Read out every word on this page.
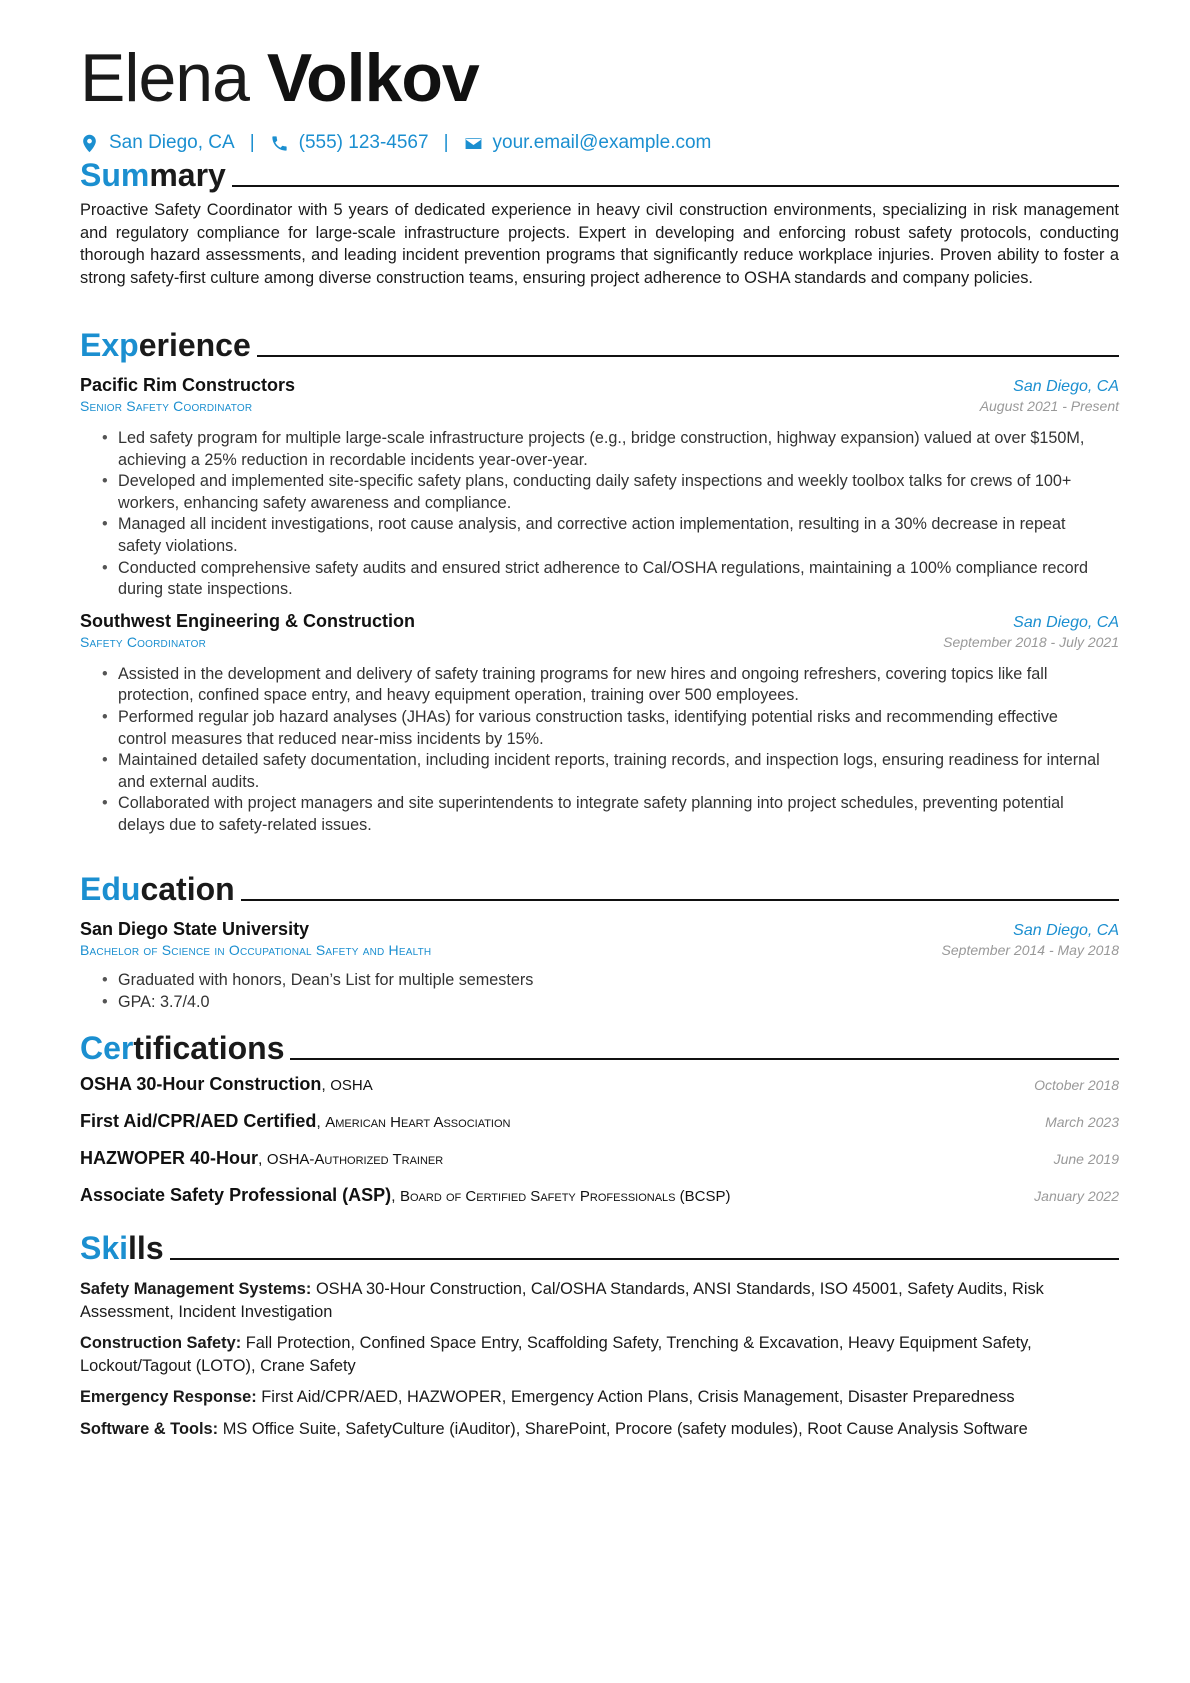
Elena Volkov
San Diego, CA | (555) 123-4567 | your.email@example.com
Summary

Proactive Safety Coordinator with 5 years of dedicated experience in heavy civil construction environments, specializing in risk management and regulatory compliance for large-scale infrastructure projects. Expert in developing and enforcing robust safety protocols, conducting thorough hazard assessments, and leading incident prevention programs that significantly reduce workplace injuries. Proven ability to foster a strong safety-first culture among diverse construction teams, ensuring project adherence to OSHA standards and company policies.

Experience
Pacific Rim Constructors	San Diego, CA
Senior Safety Coordinator	August 2021 - Present
• Led safety program for multiple large-scale infrastructure projects (e.g., bridge construction, highway expansion) valued at over $150M, achieving a 25% reduction in recordable incidents year-over-year.
• Developed and implemented site-specific safety plans, conducting daily safety inspections and weekly toolbox talks for crews of 100+ workers, enhancing safety awareness and compliance.
• Managed all incident investigations, root cause analysis, and corrective action implementation, resulting in a 30% decrease in repeat safety violations.
• Conducted comprehensive safety audits and ensured strict adherence to Cal/OSHA regulations, maintaining a 100% compliance record during state inspections.
Southwest Engineering & Construction	San Diego, CA
Safety Coordinator	September 2018 - July 2021
• Assisted in the development and delivery of safety training programs for new hires and ongoing refreshers, covering topics like fall protection, confined space entry, and heavy equipment operation, training over 500 employees.
• Performed regular job hazard analyses (JHAs) for various construction tasks, identifying potential risks and recommending effective control measures that reduced near-miss incidents by 15%.
• Maintained detailed safety documentation, including incident reports, training records, and inspection logs, ensuring readiness for internal and external audits.
• Collaborated with project managers and site superintendents to integrate safety planning into project schedules, preventing potential delays due to safety-related issues.
Education
San Diego State University	San Diego, CA
Bachelor of Science in Occupational Safety and Health	September 2014 - May 2018
• Graduated with honors, Dean’s List for multiple semesters
• GPA: 3.7/4.0
Certifications
OSHA 30-Hour Construction, OSHA	October 2018
First Aid/CPR/AED Certified, American Heart Association	March 2023
HAZWOPER 40-Hour, OSHA-Authorized Trainer	June 2019
Associate Safety Professional (ASP), Board of Certified Safety Professionals (BCSP)	January 2022
Skills
Safety Management Systems: OSHA 30-Hour Construction, Cal/OSHA Standards, ANSI Standards, ISO 45001, Safety Audits, Risk Assessment, Incident Investigation
Construction Safety: Fall Protection, Confined Space Entry, Scaffolding Safety, Trenching & Excavation, Heavy Equipment Safety, Lockout/Tagout (LOTO), Crane Safety
Emergency Response: First Aid/CPR/AED, HAZWOPER, Emergency Action Plans, Crisis Management, Disaster Preparedness
Software & Tools: MS Office Suite, SafetyCulture (iAuditor), SharePoint, Procore (safety modules), Root Cause Analysis Software
